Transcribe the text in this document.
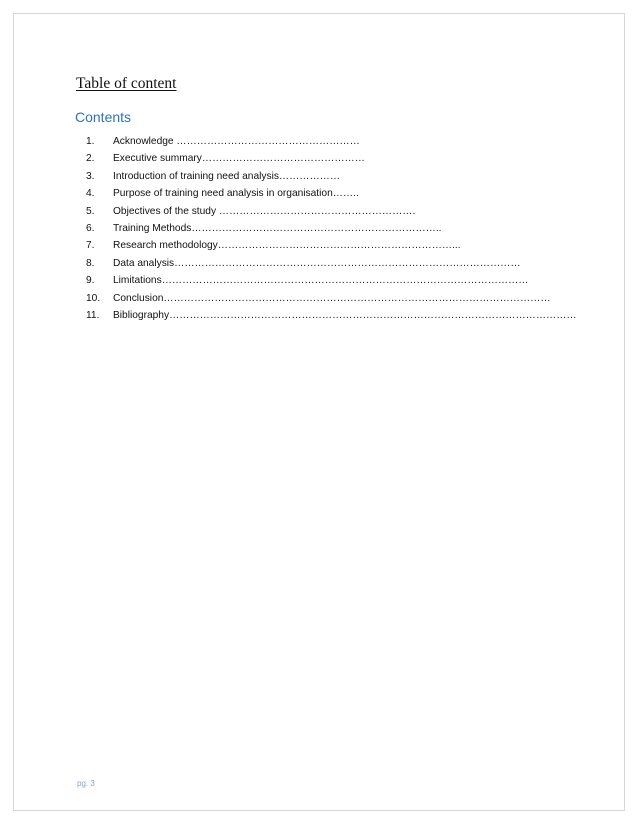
Table of content
Contents
1. Acknowledge ………………………………………………
2. Executive summary…………………………………………
3. Introduction of training need analysis………………
4. Purpose of training need analysis in organisation……..
5. Objectives of the study ………………………………………………….
6. Training Methods………………………………………………………………..
7. Research methodology……………………………………………………………...
8. Data analysis…………………………………………………………………………………………
9. Limitations………………………………………………………………………………………………
10. Conclusion……………………………………………………………………………………………………
11. Bibliography…………………………………………………………………………………………………………
pg. 3
